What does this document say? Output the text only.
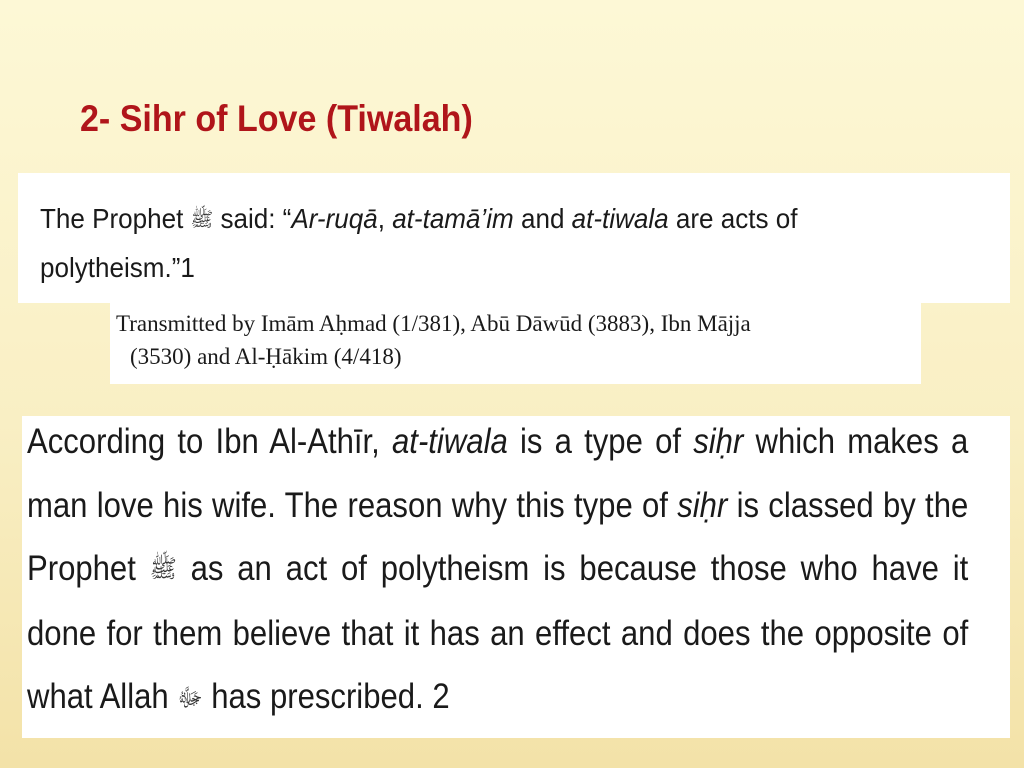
2- Sihr of Love (Tiwalah)

The Prophet ﷺ said: “Ar-ruqā, at-tamā’im and at-tiwala are acts of polytheism.”1

Transmitted by Imām Aḥmad (1/381), Abū Dāwūd (3883), Ibn Mājja
(3530) and Al-Ḥākim (4/418)

According to Ibn Al-Athīr, at-tiwala is a type of siḥr which makes a
man love his wife. The reason why this type of siḥr is classed by the
Prophet ﷺ as an act of polytheism is because those who have it
done for them believe that it has an effect and does the opposite of
what Allah ﷻ has prescribed. 2
